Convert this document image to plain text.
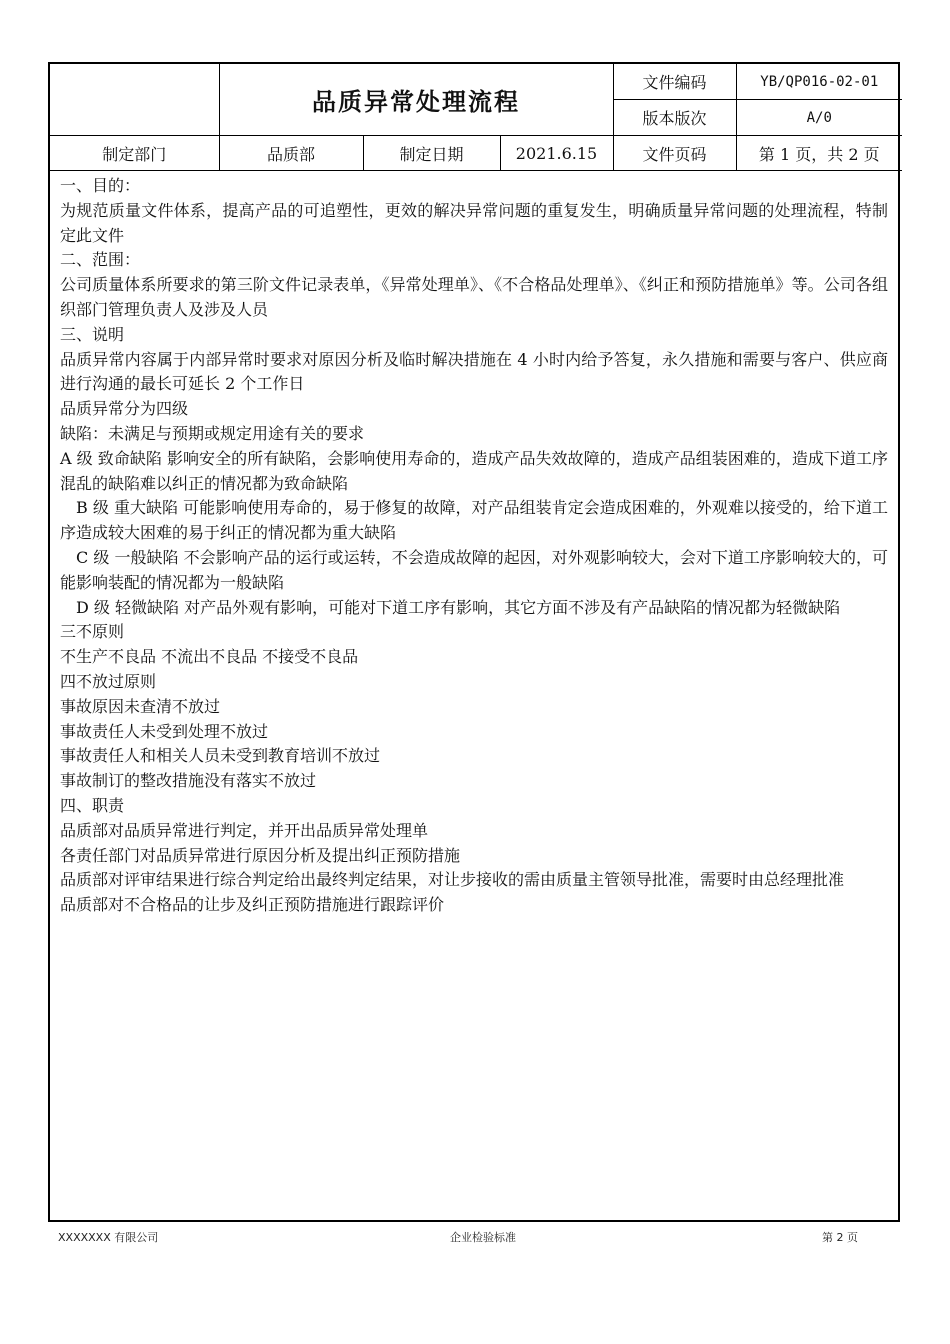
	品质异常处理流程			文件编码	YB/QP016-02-01
				版本版次	A/0
制定部门	品质部	制定日期	2021.6.15	文件页码	第 1 页，共 2 页

一、目的：

为规范质量文件体系，提高产品的可追塑性，更效的解决异常问题的重复发生，明确质量异常问题的处理流程，特制定此文件

二、范围：

公司质量体系所要求的第三阶文件记录表单，《异常处理单》、《不合格品处理单》、《纠正和预防措施单》等。公司各组织部门管理负责人及涉及人员

三、说明

品质异常内容属于内部异常时要求对原因分析及临时解决措施在 4 小时内给予答复，永久措施和需要与客户、供应商进行沟通的最长可延长 2 个工作日

品质异常分为四级

缺陷：未满足与预期或规定用途有关的要求

A 级 致命缺陷 影响安全的所有缺陷，会影响使用寿命的，造成产品失效故障的，造成产品组装困难的，造成下道工序混乱的缺陷难以纠正的情况都为致命缺陷

B 级 重大缺陷 可能影响使用寿命的，易于修复的故障，对产品组装肯定会造成困难的，外观难以接受的，给下道工序造成较大困难的易于纠正的情况都为重大缺陷

C 级 一般缺陷 不会影响产品的运行或运转，不会造成故障的起因，对外观影响较大，会对下道工序影响较大的，可能影响装配的情况都为一般缺陷

D 级 轻微缺陷 对产品外观有影响，可能对下道工序有影响，其它方面不涉及有产品缺陷的情况都为轻微缺陷

三不原则

不生产不良品 不流出不良品 不接受不良品

四不放过原则

事故原因未查清不放过

事故责任人未受到处理不放过

事故责任人和相关人员未受到教育培训不放过

事故制订的整改措施没有落实不放过

四、职责

品质部对品质异常进行判定，并开出品质异常处理单

各责任部门对品质异常进行原因分析及提出纠正预防措施

品质部对评审结果进行综合判定给出最终判定结果，对让步接收的需由质量主管领导批准，需要时由总经理批准

品质部对不合格品的让步及纠正预防措施进行跟踪评价

XXXXXXX 有限公司	企业检验标准	第 2 页
